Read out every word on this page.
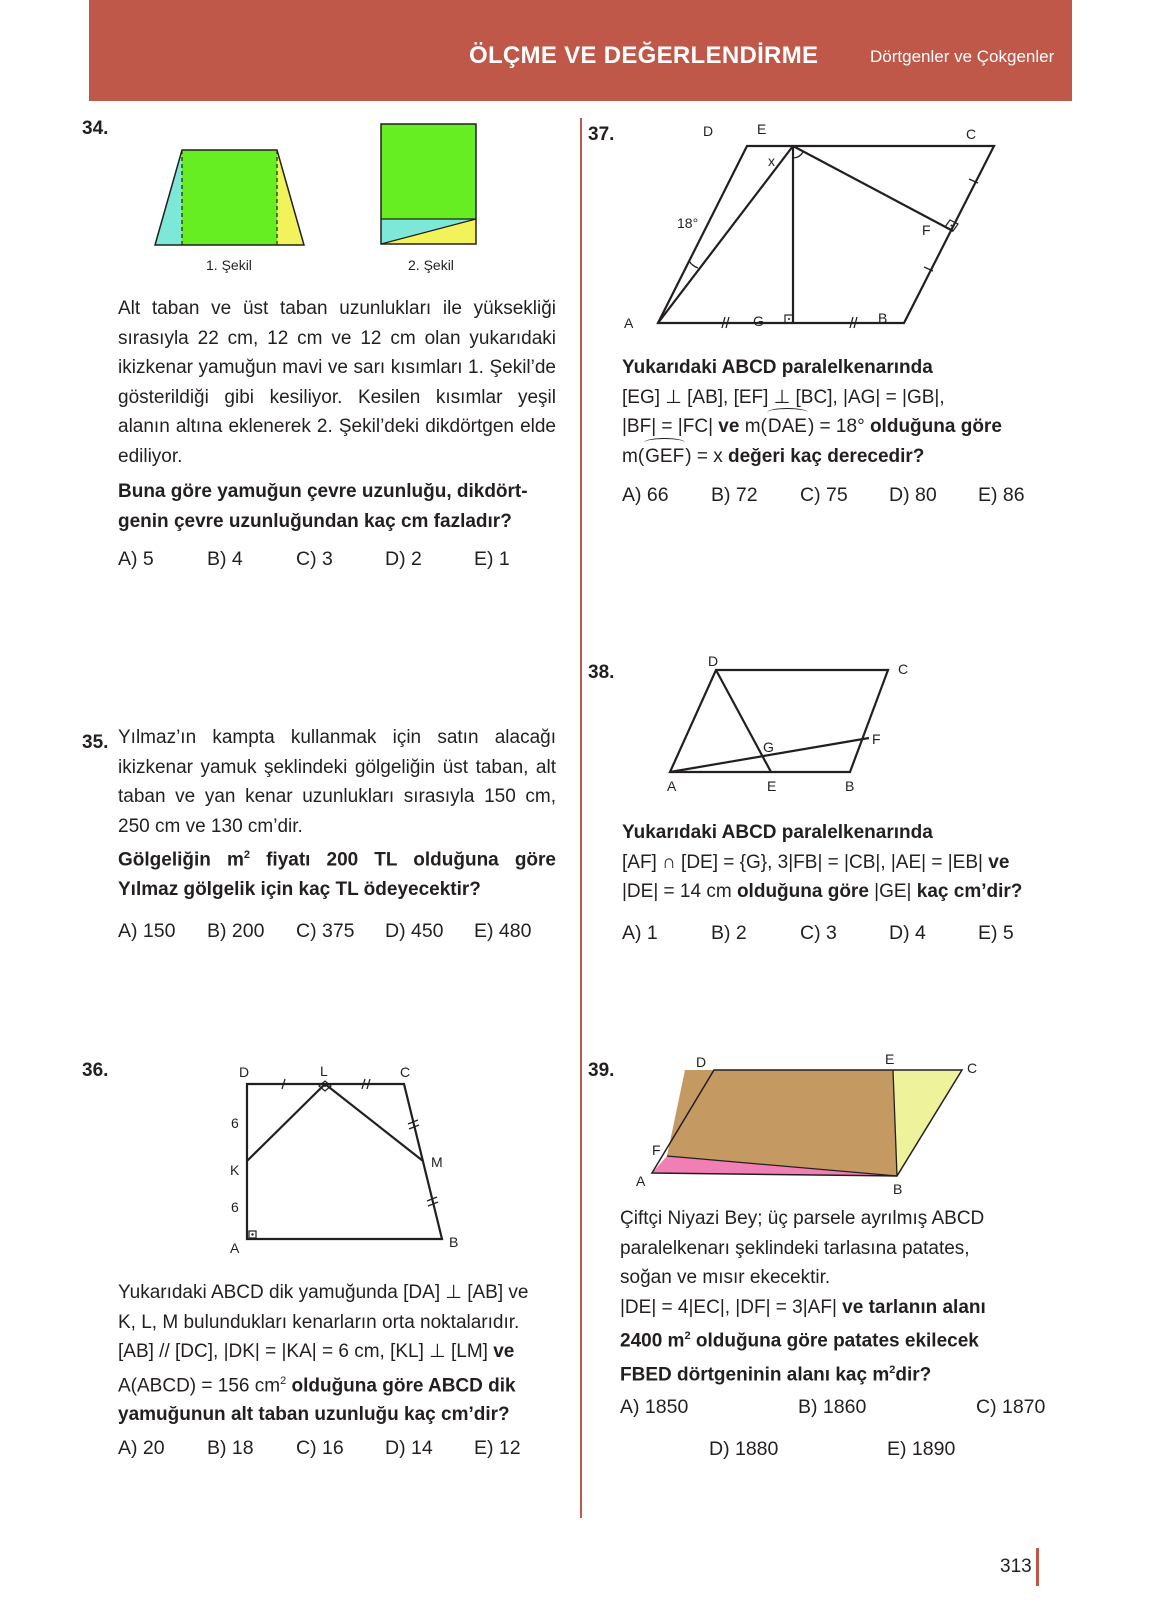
ÖLÇME VE DEĞERLENDİRME	Dörtgenler ve Çokgenler
34.
1. Şekil	2. Şekil

Alt taban ve üst taban uzunlukları ile yüksekliği sırasıyla 22 cm, 12 cm ve 12 cm olan yukarıdaki ikizkenar yamuğun mavi ve sarı kısımları 1. Şekil’de gösterildiği gibi kesiliyor. Kesilen kısımlar yeşil alanın altına eklenerek 2. Şekil’deki dikdörtgen elde ediliyor.

Buna göre yamuğun çevre uzunluğu, dikdört-genin çevre uzunluğundan kaç cm fazladır?

A) 5	B) 4	C) 3	D) 2	E) 1
35. Yılmaz’ın kampta kullanmak için satın alacağı ikizkenar yamuk şeklindeki gölgeliğin üst taban, alt taban ve yan kenar uzunlukları sırasıyla 150 cm, 250 cm ve 130 cm’dir.

Gölgeliğin $m^2$ fiyatı 200 TL olduğuna göre Yılmaz gölgelik için kaç TL ödeyecektir?

A) 150 B) 200 C) 375 D) 450 E) 480
36.	D	L	C
6
K	M
6
A	B
Yukarıdaki ABCD dik yamuğunda [DA] ⊥ [AB] ve
K, L, M bulundukları kenarların orta noktalarıdır.
[AB] // [DC], |DK| = |KA| = 6 cm, [KL] ⊥ [LM] ve
A(ABCD) = 156 $cm^2$ olduğuna göre ABCD dik
yamuğunun alt taban uzunluğu kaç cm’dir?
A) 20 B) 18 C) 16 D) 14 E) 12
37.	D	E	C
x
18°	F
A	G	B
Yukarıdaki ABCD paralelkenarında
[EG] ⊥ [AB], [EF] ⊥ [BC], |AG| = |GB|,
|BF| = |FC| ve m(DAE) = 18° olduğuna göre
m(GEF) = x değeri kaç derecedir?
A) 66 B) 72 C) 75 D) 80 E) 86
38.
D	C
G	F
A	E	B
Yukarıdaki ABCD paralelkenarında
[AF] ∩ [DE] = {G}, 3|FB| = |CB|, |AE| = |EB| ve
|DE| = 14 cm olduğuna göre |GE| kaç cm’dir?
A) 1	B) 2	C) 3	D) 4	E) 5
39.	D	E
C
F
A	B
Çiftçi Niyazi Bey; üç parsele ayrılmış ABCD
paralelkenarı şeklindeki tarlasına patates,
soğan ve mısır ekecektir.
|DE| = 4|EC|, |DF| = 3|AF| ve tarlanın alanı
2400 $m^2$ olduğuna göre patates ekilecek
FBED dörtgeninin alanı kaç $m^2dir$?
A) 1850	B) 1860	C) 1870
D) 1880	E) 1890
313
